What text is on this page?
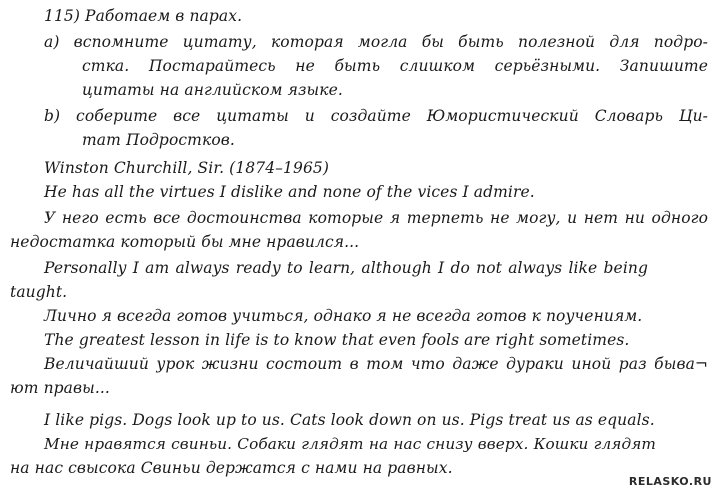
115) Работаем в парах.
a) вспомните цитату, которая могла бы быть полезной для подро-
стка. Постарайтесь не быть слишком серьёзными. Запишите
цитаты на английском языке.
b) соберите все цитаты и создайте Юмористический Словарь Ци-
тат Подростков.
Winston Churchill, Sir. (1874–1965)
He has all the virtues I dislike and none of the vices I admire.
У него есть все достоинства которые я терпеть не могу, и нет ни одного
недостатка который бы мне нравился...
Personally I am always ready to learn, although I do not always like being
taught.
Лично я всегда готов учиться, однако я не всегда готов к поучениям.
The greatest lesson in life is to know that even fools are right sometimes.
Величайший урок жизни состоит в том что даже дураки иной раз быва¬
ют правы...
I like pigs. Dogs look up to us. Cats look down on us. Pigs treat us as equals.
Мне нравятся свиньи. Собаки глядят на нас снизу вверх. Кошки глядят
на нас свысока Свиньи держатся с нами на равных.
RELASKO.RU
